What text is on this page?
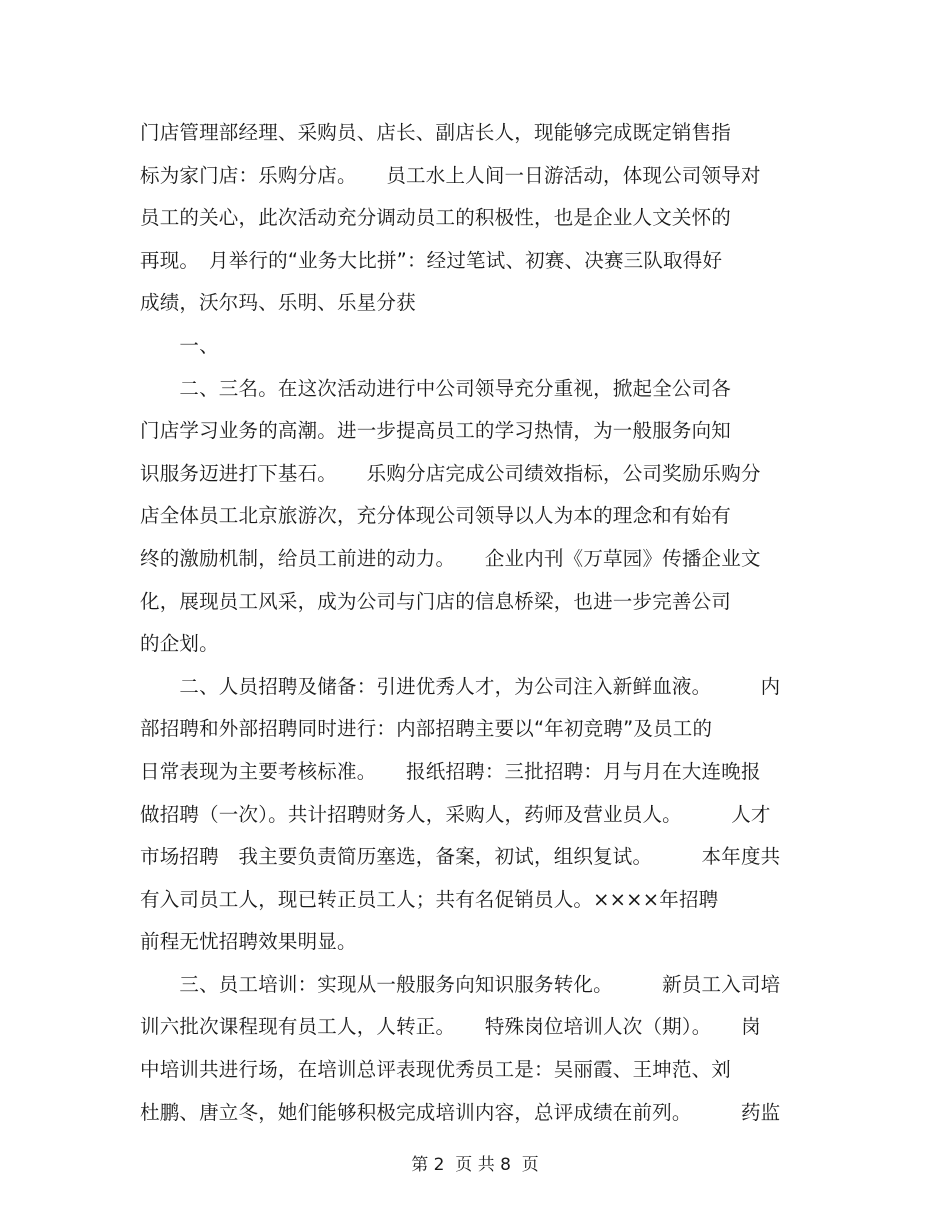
门店管理部经理、采购员、店长、副店长人，现能够完成既定销售指
标为家门店：乐购分店。　　员工水上人间一日游活动，体现公司领导对
员工的关心，此次活动充分调动员工的积极性，也是企业人文关怀的
再现。　月举行的“业务大比拼”：经过笔试、初赛、决赛三队取得好
成绩，沃尔玛、乐明、乐星分获
　　一、
　　二、三名。在这次活动进行中公司领导充分重视，掀起全公司各
门店学习业务的高潮。进一步提高员工的学习热情，为一般服务向知
识服务迈进打下基石。　　乐购分店完成公司绩效指标，公司奖励乐购分
店全体员工北京旅游次，充分体现公司领导以人为本的理念和有始有
终的激励机制，给员工前进的动力。　　企业内刊《万草园》传播企业文
化，展现员工风采，成为公司与门店的信息桥梁，也进一步完善公司
的企划。
　　二、人员招聘及储备：引进优秀人才，为公司注入新鲜血液。　　　内
部招聘和外部招聘同时进行：内部招聘主要以“年初竞聘”及员工的
日常表现为主要考核标准。　　报纸招聘：三批招聘：月与月在大连晚报
做招聘（一次）。共计招聘财务人，采购人，药师及营业员人。　　　人才
市场招聘　我主要负责简历塞选，备案，初试，组织复试。　　　本年度共
有入司员工人，现已转正员工人；共有名促销员人。××××年招聘
前程无忧招聘效果明显。
　　三、员工培训：实现从一般服务向知识服务转化。　　　新员工入司培
训六批次课程现有员工人，人转正。　　特殊岗位培训人次（期）。　　岗
中培训共进行场，在培训总评表现优秀员工是：吴丽霞、王坤范、刘
杜鹏、唐立冬，她们能够积极完成培训内容，总评成绩在前列。　　　药监
第 2  页 共 8  页
